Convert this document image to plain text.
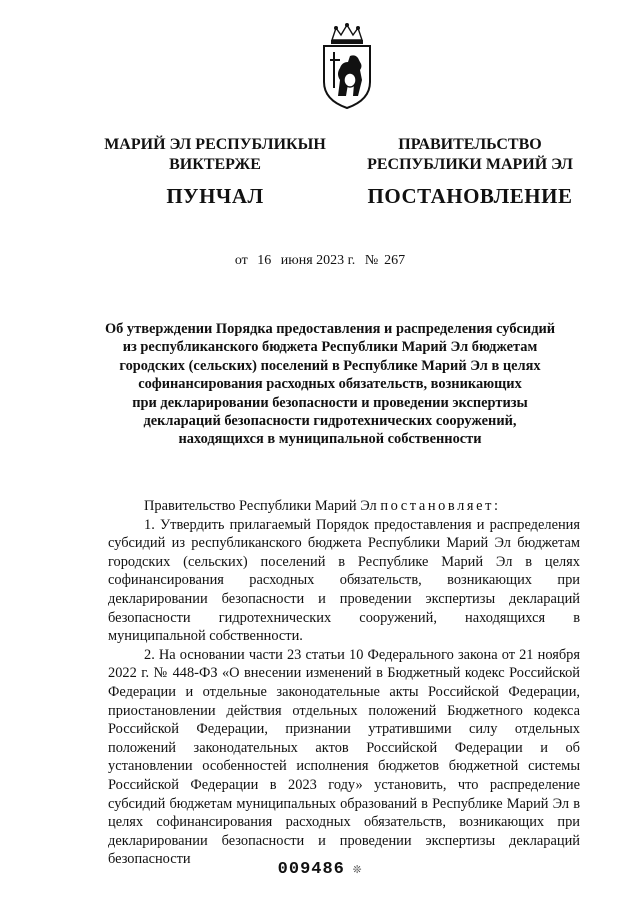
МАРИЙ ЭЛ РЕСПУБЛИКЫН
ВИКТЕРЖЕ
ПУНЧАЛ
ПРАВИТЕЛЬСТВО
РЕСПУБЛИКИ МАРИЙ ЭЛ
ПОСТАНОВЛЕНИЕ
от 16 июня 2023 г. № 267
Об утверждении Порядка предоставления и распределения субсидий
из республиканского бюджета Республики Марий Эл бюджетам
городских (сельских) поселений в Республике Марий Эл в целях
софинансирования расходных обязательств, возникающих
при декларировании безопасности и проведении экспертизы
деклараций безопасности гидротехнических сооружений,
находящихся в муниципальной собственности

Правительство Республики Марий Эл постановляет:

1. Утвердить прилагаемый Порядок предоставления и распределения субсидий из республиканского бюджета Республики Марий Эл бюджетам городских (сельских) поселений в Республике Марий Эл в целях софинансирования расходных обязательств, возникающих при декларировании безопасности и проведении экспертизы деклараций безопасности гидротехнических сооружений, находящихся в муниципальной собственности.

2. На основании части 23 статьи 10 Федерального закона от 21 ноября 2022 г. № 448-ФЗ «О внесении изменений в Бюджетный кодекс Российской Федерации и отдельные законодательные акты Российской Федерации, приостановлении действия отдельных положений Бюджетного кодекса Российской Федерации, признании утратившими силу отдельных положений законодательных актов Российской Федерации и об установлении особенностей исполнения бюджетов бюджетной системы Российской Федерации в 2023 году» установить, что распределение субсидий бюджетам муниципальных образований в Республике Марий Эл в целях софинансирования расходных обязательств, возникающих при декларировании безопасности и проведении экспертизы деклараций безопасности

009486 ❊
